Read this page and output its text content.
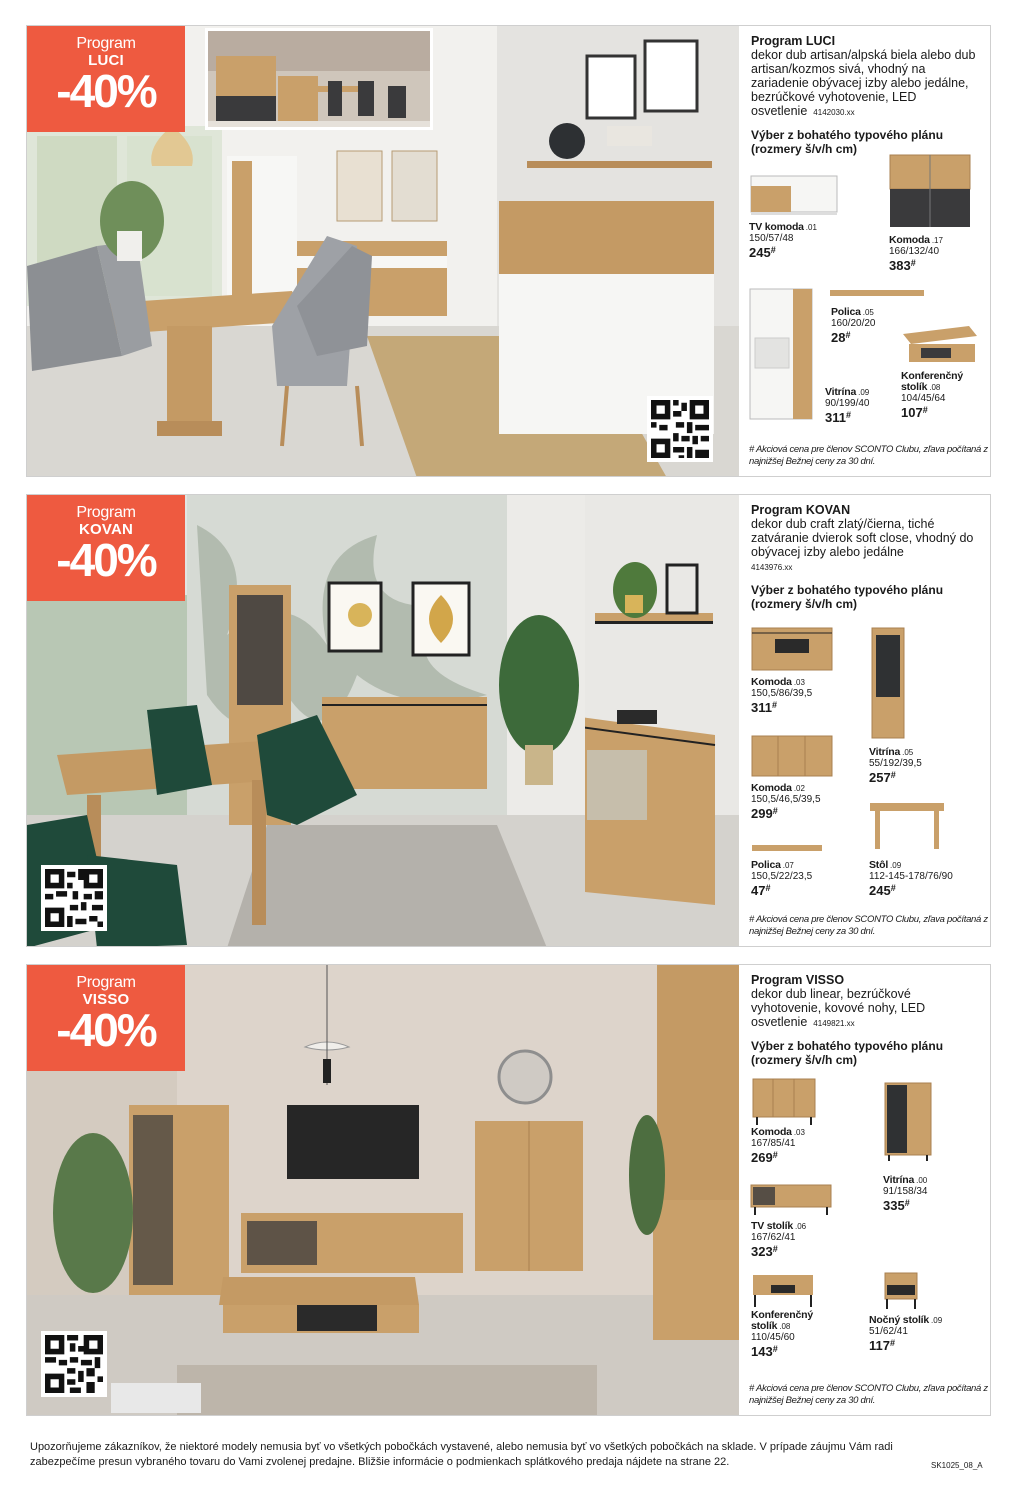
Program
LUCI
-40%
Program LUCI
dekor dub artisan/alpská biela alebo dub artisan/kozmos sivá, vhodný na zariadenie obývacej izby alebo jedálne, bezrúčkové vyhotovenie, LED osvetlenie 4142030.xx
Výber z bohatého typového plánu (rozmery š/v/h cm)
TV komoda .01
150/57/48
245#
Komoda .17
166/132/40
383#
Polica .05
160/20/20
28#
Vitrína .09
90/199/40
311#
Konferenčný stolík .08
104/45/64
107#
# Akciová cena pre členov SCONTO Clubu, zľava počítaná z najnižšej Bežnej ceny za 30 dní.
Program
KOVAN
-40%
Program KOVAN
dekor dub craft zlatý/čierna, tiché zatváranie dvierok soft close, vhodný do obývacej izby alebo jedálne
4143976.xx
Výber z bohatého typového plánu (rozmery š/v/h cm)
Komoda .03
150,5/86/39,5
311#
Vitrína .05
55/192/39,5
257#
Komoda .02
150,5/46,5/39,5
299#
Polica .07
150,5/22/23,5
47#
Stôl .09
112-145-178/76/90
245#
# Akciová cena pre členov SCONTO Clubu, zľava počítaná z najnižšej Bežnej ceny za 30 dní.
Program
VISSO
-40%
Program VISSO
dekor dub linear, bezrúčkové vyhotovenie, kovové nohy, LED osvetlenie 4149821.xx
Výber z bohatého typového plánu (rozmery š/v/h cm)
Komoda .03
167/85/41
269#
Vitrína .00
91/158/34
335#
TV stolík .06
167/62/41
323#
Konferenčný stolík .08
110/45/60
143#
Nočný stolík .09
51/62/41
117#
# Akciová cena pre členov SCONTO Clubu, zľava počítaná z najnižšej Bežnej ceny za 30 dní.
Upozorňujeme zákazníkov, že niektoré modely nemusia byť vo všetkých pobočkách vystavené, alebo nemusia byť vo všetkých pobočkách na sklade. V prípade záujmu Vám radi zabezpečíme presun vybraného tovaru do Vami zvolenej predajne. Bližšie informácie o podmienkach splátkového predaja nájdete na strane 22.	SK1025_08_A
